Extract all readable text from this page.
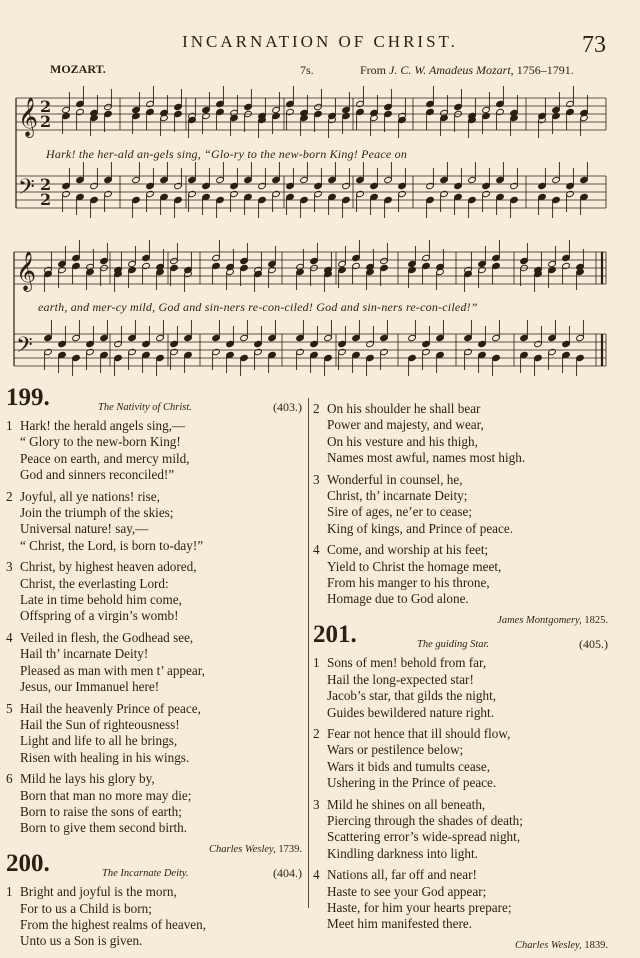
INCARNATION OF CHRIST.	73
MOZART.	7s.	From J. C. W. Amadeus Mozart, 1756–1791.
𝄞
𝄢
𝄞
𝄢
2
2
2
2
Hark! the her-ald an-gels sing, “Glo-ry to the new-born King! Peace on
earth, and mer-cy mild, God and sin-ners re-con-ciled! God and sin-ners re-con-ciled!”
199.	The Nativity of Christ.	(403.)
1 Hark! the herald angels sing,—
“ Glory to the new-born King!
Peace on earth, and mercy mild,
God and sinners reconciled!”
2 Joyful, all ye nations! rise,
Join the triumph of the skies;
Universal nature! say,—
“ Christ, the Lord, is born to-day!”
3 Christ, by highest heaven adored,
Christ, the everlasting Lord:
Late in time behold him come,
Offspring of a virgin’s womb!
4 Veiled in flesh, the Godhead see,
Hail th’ incarnate Deity!
Pleased as man with men t’ appear,
Jesus, our Immanuel here!
5 Hail the heavenly Prince of peace,
Hail the Sun of righteousness!
Light and life to all he brings,
Risen with healing in his wings.
6 Mild he lays his glory by,
Born that man no more may die;
Born to raise the sons of earth;
Born to give them second birth.
Charles Wesley, 1739.
200.	The Incarnate Deity.	(404.)
1 Bright and joyful is the morn,
For to us a Child is born;
From the highest realms of heaven,
Unto us a Son is given.
2 On his shoulder he shall bear
Power and majesty, and wear,
On his vesture and his thigh,
Names most awful, names most high.
3 Wonderful in counsel, he,
Christ, th’ incarnate Deity;
Sire of ages, ne’er to cease;
King of kings, and Prince of peace.
4 Come, and worship at his feet;
Yield to Christ the homage meet,
From his manger to his throne,
Homage due to God alone.
James Montgomery, 1825.
201.	The guiding Star.	(405.)
1 Sons of men! behold from far,
Hail the long-expected star!
Jacob’s star, that gilds the night,
Guides bewildered nature right.
2 Fear not hence that ill should flow,
Wars or pestilence below;
Wars it bids and tumults cease,
Ushering in the Prince of peace.
3 Mild he shines on all beneath,
Piercing through the shades of death;
Scattering error’s wide-spread night,
Kindling darkness into light.
4 Nations all, far off and near!
Haste to see your God appear;
Haste, for him your hearts prepare;
Meet him manifested there.
Charles Wesley, 1839.
